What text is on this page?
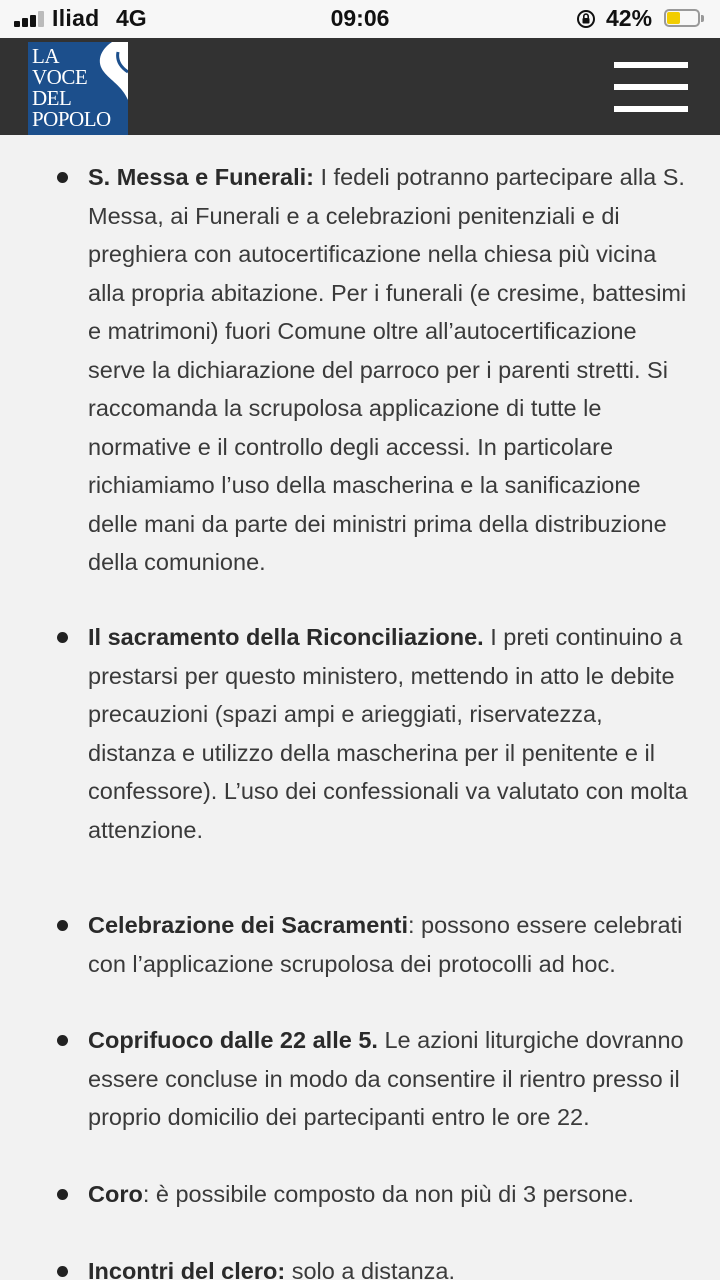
Iliad 4G	09:06	42%
LA
VOCE
DEL
POPOLO
S. Messa e Funerali: I fedeli potranno partecipare alla S. Messa, ai Funerali e a celebrazioni penitenziali e di preghiera con autocertificazione nella chiesa più vicina alla propria abitazione. Per i funerali (e cresime, battesimi e matrimoni) fuori Comune oltre all’autocertificazione serve la dichiarazione del parroco per i parenti stretti. Si raccomanda la scrupolosa applicazione di tutte le normative e il controllo degli accessi. In particolare richiamiamo l’uso della mascherina e la sanificazione delle mani da parte dei ministri prima della distribuzione della comunione.
Il sacramento della Riconciliazione. I preti continuino a prestarsi per questo ministero, mettendo in atto le debite precauzioni (spazi ampi e arieggiati, riservatezza, distanza e utilizzo della mascherina per il penitente e il confessore). L’uso dei confessionali va valutato con molta attenzione.
Celebrazione dei Sacramenti: possono essere celebrati con l’applicazione scrupolosa dei protocolli ad hoc.
Coprifuoco dalle 22 alle 5. Le azioni liturgiche dovranno essere concluse in modo da consentire il rientro presso il proprio domicilio dei partecipanti entro le ore 22.
Coro: è possibile composto da non più di 3 persone.
Incontri del clero: solo a distanza.
